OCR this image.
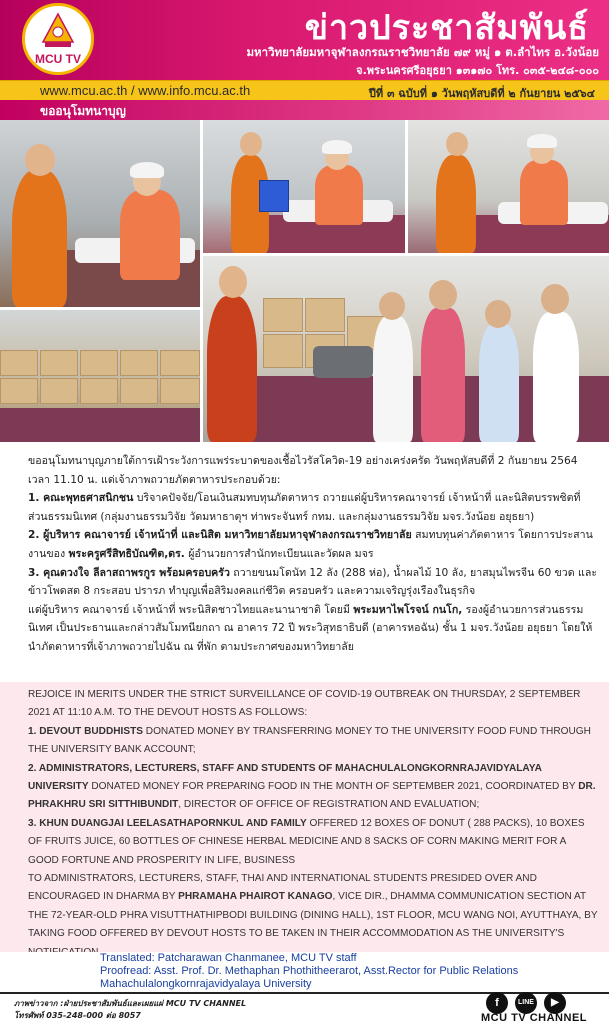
MCU TV
ข่าวประชาสัมพันธ์
มหาวิทยาลัยมหาจุฬาลงกรณราชวิทยาลัย ๗๙ หมู่ ๑ ต.ลำไทร อ.วังน้อย
จ.พระนครศรีอยุธยา ๑๓๑๗๐ โทร. ๐๓๕-๒๔๘-๐๐๐
www.mcu.ac.th / www.info.mcu.ac.th	ปีที่ ๓ ฉบับที่ ๑ วันพฤหัสบดีที่ ๒ กันยายน ๒๕๖๔
ขออนุโมทนาบุญ

ขออนุโมทนาบุญภายใต้การเฝ้าระวังการแพร่ระบาดของเชื้อไวรัสโควิด-19 อย่างเคร่งครัด วันพฤหัสบดีที่ 2 กันยายน 2564 เวลา 11.10 น. แด่เจ้าภาพถวายภัตตาหารประกอบด้วย:

1. คณะพุทธศาสนิกชน บริจาคปัจจัย/โอนเงินสมทบทุนภัตตาหาร ถวายแด่ผู้บริหารคณาจารย์ เจ้าหน้าที่ และนิสิตบรรพชิตที่ส่วนธรรมนิเทศ (กลุ่มงานธรรมวิจัย วัดมหาธาตุฯ ท่าพระจันทร์ กทม. และกลุ่มงานธรรมวิจัย มจร.วังน้อย อยุธยา)

2. ผู้บริหาร คณาจารย์ เจ้าหน้าที่ และนิสิต มหาวิทยาลัยมหาจุฬาลงกรณราชวิทยาลัย สมทบทุนค่าภัตตาหาร โดยการประสานงานของ พระครูศรีสิทธิบัณฑิต,ดร. ผู้อำนวยการสำนักทะเบียนและวัดผล มจร

3. คุณดวงใจ ลีลาสถาพรกูร พร้อมครอบครัว ถวายขนมโดนัท 12 ลัง (288 ห่อ), น้ำผลไม้ 10 ลัง, ยาสมุนไพรจีน 60 ขวด และข้าวโพดสด 8 กระสอบ ปรารภ ทำบุญเพื่อสิริมงคลแก่ชีวิต ครอบครัว และความเจริญรุ่งเรืองในธุรกิจ

แด่ผู้บริหาร คณาจารย์ เจ้าหน้าที่ พระนิสิตชาวไทยและนานาชาติ โดยมี พระมหาไพโรจน์ กนโก, รองผู้อำนวยการส่วนธรรมนิเทศ เป็นประธานและกล่าวสัมโมทนียกถา ณ อาคาร 72 ปี พระวิสุทธาธิบดี (อาคารหอฉัน) ชั้น 1 มจร.วังน้อย อยุธยา โดยให้นำภัตตาหารที่เจ้าภาพถวายไปฉัน ณ ที่พัก ตามประกาศของมหาวิทยาลัย

REJOICE IN MERITS UNDER THE STRICT SURVEILLANCE OF COVID-19 OUTBREAK ON THURSDAY, 2 SEPTEMBER 2021 AT 11:10 A.M. TO THE DEVOUT HOSTS AS FOLLOWS:

1. DEVOUT BUDDHISTS DONATED MONEY BY TRANSFERRING MONEY TO THE UNIVERSITY FOOD FUND THROUGH THE UNIVERSITY BANK ACCOUNT;

2. ADMINISTRATORS, LECTURERS, STAFF AND STUDENTS OF MAHACHULALONGKORNRAJAVIDYALAYA UNIVERSITY DONATED MONEY FOR PREPARING FOOD IN THE MONTH OF SEPTEMBER 2021, COORDINATED BY DR. PHRAKHRU SRI SITTHIBUNDIT, DIRECTOR OF OFFICE OF REGISTRATION AND EVALUATION;

3. KHUN DUANGJAI LEELASATHAPORNKUL AND FAMILY OFFERED 12 BOXES OF DONUT ( 288 PACKS), 10 BOXES OF FRUITS JUICE, 60 BOTTLES OF CHINESE HERBAL MEDICINE AND 8 SACKS OF CORN MAKING MERIT FOR A GOOD FORTUNE AND PROSPERITY IN LIFE, BUSINESS

TO ADMINISTRATORS, LECTURERS, STAFF, THAI AND INTERNATIONAL STUDENTS PRESIDED OVER AND ENCOURAGED IN DHARMA BY PHRAMAHA PHAIROT KANAGO, VICE DIR., DHAMMA COMMUNICATION SECTION AT THE 72-YEAR-OLD PHRA VISUTTHATHIPBODI BUILDING (DINING HALL), 1ST FLOOR, MCU WANG NOI, AYUTTHAYA, BY TAKING FOOD OFFERED BY DEVOUT HOSTS TO BE TAKEN IN THEIR ACCOMMODATION AS THE UNIVERSITY'S

Translated: Patcharawan Chanmanee, MCU TV staff
Proofread: Asst. Prof. Dr. Methaphan Phothitheerarot, Asst.Rector for Public Relations
Mahachulalongkornrajavidyalaya University
ภาพข่าวจาก :ฝ่ายประชาสัมพันธ์และเผยแผ่ MCU TV CHANNEL
โทรศัพท์ 035-248-000 ต่อ 8057
f	LINE	▶
MCU TV CHANNEL
